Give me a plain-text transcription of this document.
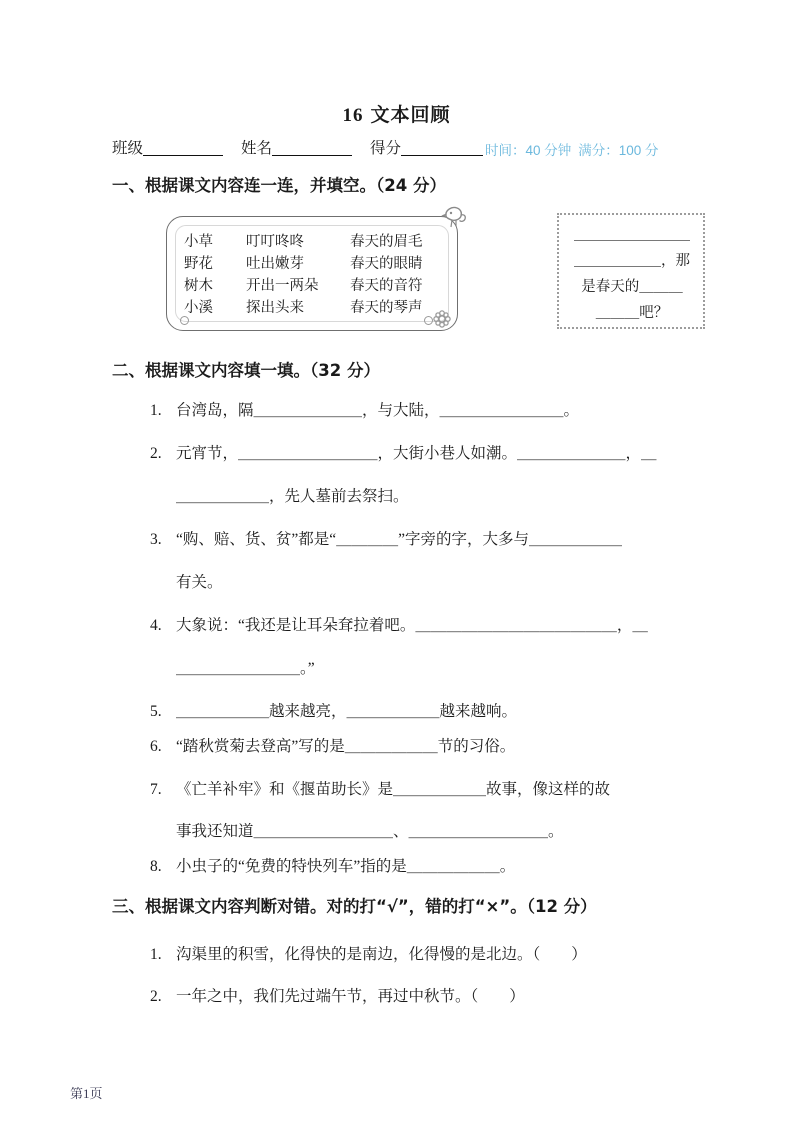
16 文本回顾
班级	姓名	得分	时间：40 分钟 满分：100 分
一、根据课文内容连一连，并填空。（24 分）
小草 叮叮咚咚	春天的眉毛
野花 吐出嫩芽	春天的眼睛
树木 开出一两朵 春天的音符
小溪 探出头来	春天的琴声
＿＿＿＿＿＿＿＿
＿＿＿＿＿＿，那
是春天的＿＿＿
＿＿＿吧？
二、根据课文内容填一填。（32 分）
1. 台湾岛，隔＿＿＿＿＿＿＿，与大陆，＿＿＿＿＿＿＿＿。
2. 元宵节，＿＿＿＿＿＿＿＿＿，大街小巷人如潮。＿＿＿＿＿＿＿，＿
＿＿＿＿＿＿，先人墓前去祭扫。
3. “购、赔、货、贫”都是“＿＿＿＿”字旁的字，大多与＿＿＿＿＿＿
有关。
4. 大象说：“我还是让耳朵耷拉着吧。＿＿＿＿＿＿＿＿＿＿＿＿＿，＿
＿＿＿＿＿＿＿＿。”
5. ＿＿＿＿＿＿越来越亮，＿＿＿＿＿＿越来越响。
6. “踏秋赏菊去登高”写的是＿＿＿＿＿＿节的习俗。
7. 《亡羊补牢》和《揠苗助长》是＿＿＿＿＿＿故事，像这样的故
事我还知道＿＿＿＿＿＿＿＿＿、＿＿＿＿＿＿＿＿＿。
8. 小虫子的“免费的特快列车”指的是＿＿＿＿＿＿。
三、根据课文内容判断对错。对的打“√”，错的打“×”。（12 分）
1. 沟渠里的积雪，化得快的是南边，化得慢的是北边。（　　）
2. 一年之中，我们先过端午节，再过中秋节。（　　）
第1页
